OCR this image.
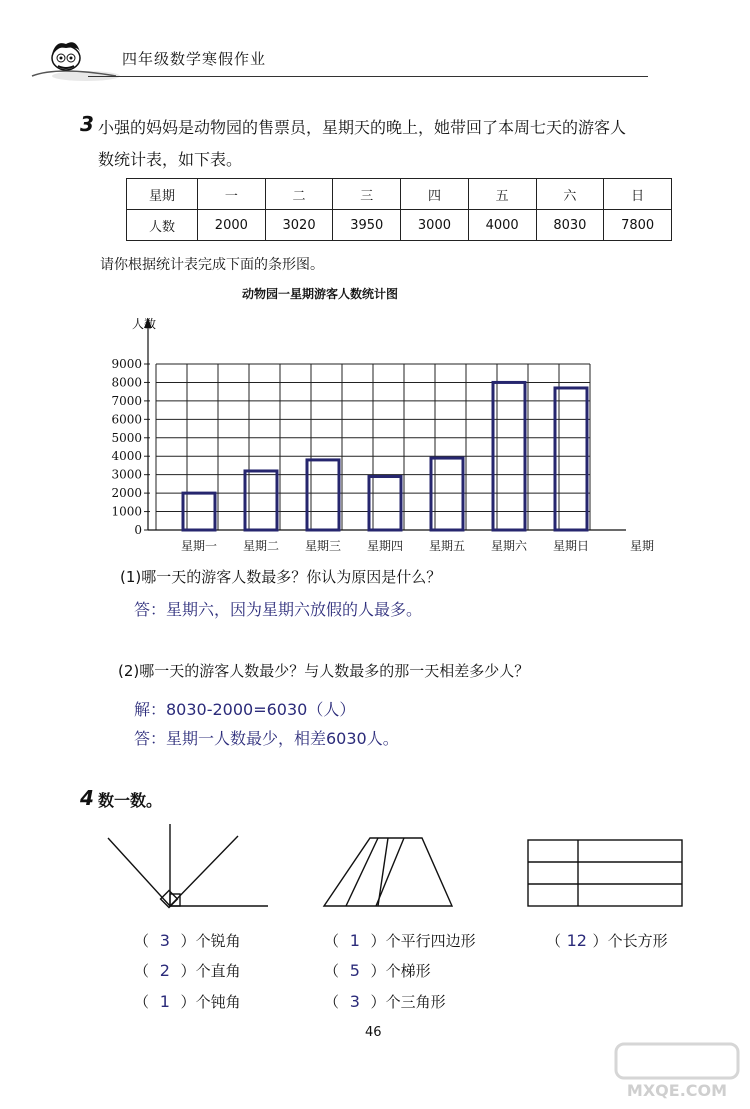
四年级数学寒假作业
3 小强的妈妈是动物园的售票员，星期天的晚上，她带回了本周七天的游客人
数统计表，如下表。
星期	一	二	三	四	五	六	日
人数	2000	3020	3950	3000	4000	8030	7800
请你根据统计表完成下面的条形图。
动物园一星期游客人数统计图
0
1000
2000
3000
4000
5000
6000
7000
8000
9000
人数
星期
星期一 星期二 星期三 星期四 星期五 星期六 星期日
(1)哪一天的游客人数最多？你认为原因是什么？
答：星期六，因为星期六放假的人最多。
(2)哪一天的游客人数最少？与人数最多的那一天相差多少人？
解：8030-2000=6030（人）
答：星期一人数最少，相差6030人。
4 数一数。
（ 3 ）个锐角
（ 2 ）个直角
（ 1 ）个钝角
（ 1 ）个平行四边形
（ 5 ）个梯形
（ 3 ）个三角形
（ 12 ）个长方形
46
MXQE.COM
